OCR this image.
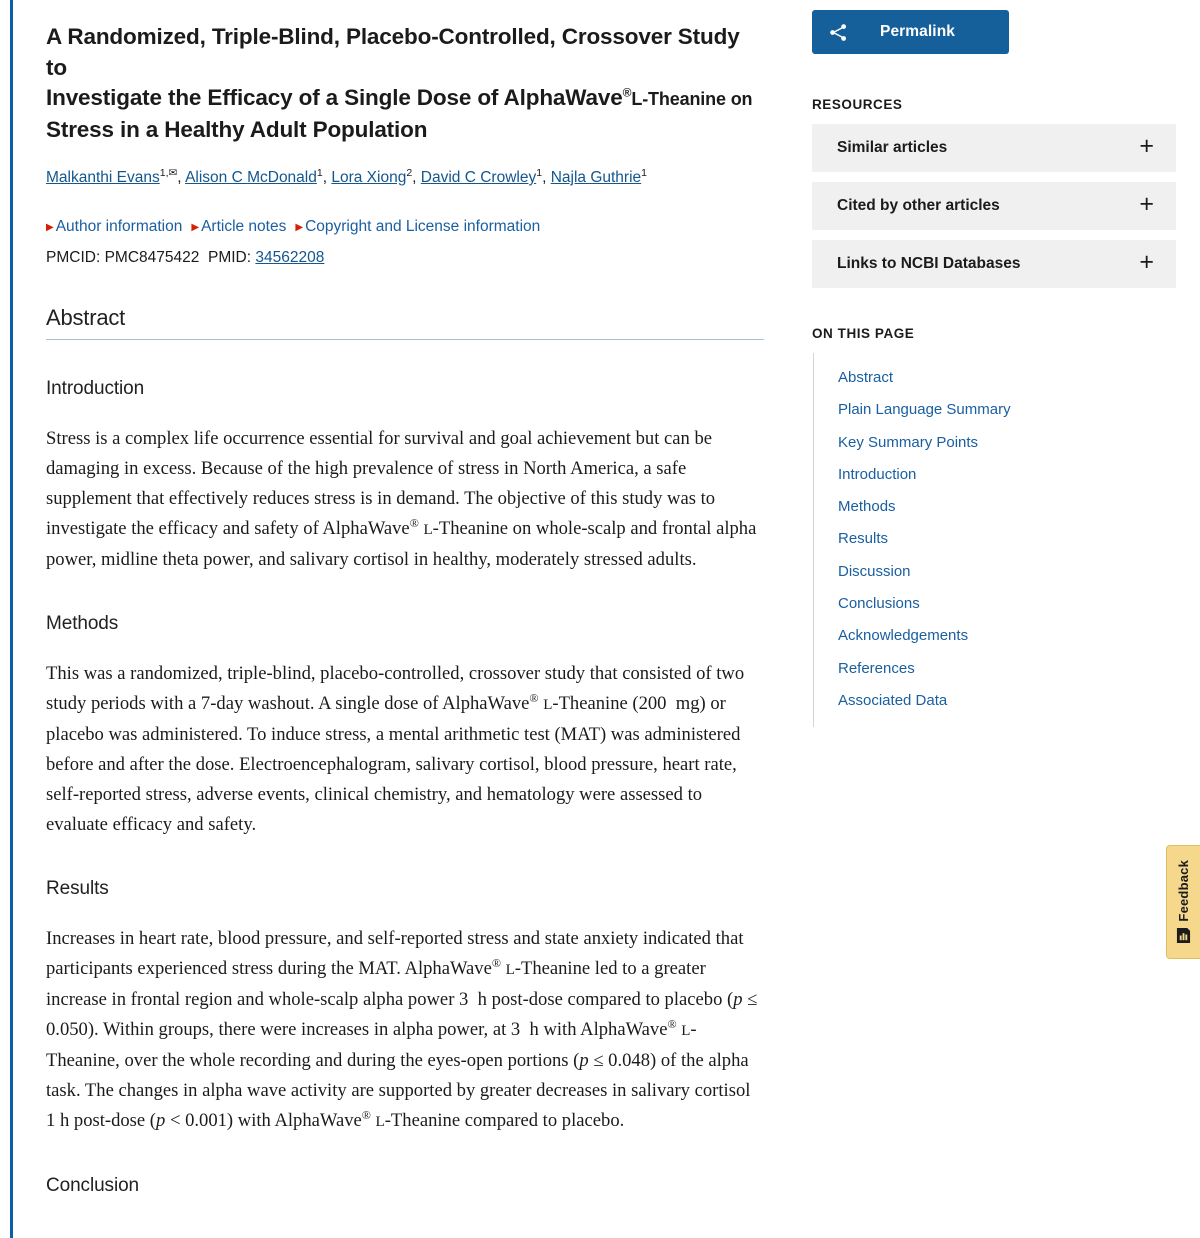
A Randomized, Triple-Blind, Placebo-Controlled, Crossover Study to
Investigate the Efficacy of a Single Dose of AlphaWave®L-Theanine on
Stress in a Healthy Adult Population
Malkanthi Evans$^{1,✉}$, Alison C McDonald$^1$, Lora Xiong$^2$, David C Crowley$^1$, Najla Guthrie$^1$
▶ Author information ▶ Article notes ▶ Copyright and License information
PMCID: PMC8475422 PMID: 34562208
Abstract
Introduction

Stress is a complex life occurrence essential for survival and goal achievement but can be damaging in excess. Because of the high prevalence of stress in North America, a safe supplement that effectively reduces stress is in demand. The objective of this study was to investigate the efficacy and safety of AlphaWave® L-Theanine on whole-scalp and frontal alpha power, midline theta power, and salivary cortisol in healthy, moderately stressed adults.

Methods

This was a randomized, triple-blind, placebo-controlled, crossover study that consisted of two study periods with a 7-day washout. A single dose of AlphaWave® L-Theanine (200  mg) or placebo was administered. To induce stress, a mental arithmetic test (MAT) was administered before and after the dose. Electroencephalogram, salivary cortisol, blood pressure, heart rate, self-reported stress, adverse events, clinical chemistry, and hematology were assessed to evaluate efficacy and safety.

Results

Increases in heart rate, blood pressure, and self-reported stress and state anxiety indicated that participants experienced stress during the MAT. AlphaWave® L-Theanine led to a greater increase in frontal region and whole-scalp alpha power 3  h post-dose compared to placebo (p ≤ 0.050). Within groups, there were increases in alpha power, at 3  h with AlphaWave® L-Theanine, over the whole recording and during the eyes-open portions (p ≤ 0.048) of the alpha task. The changes in alpha wave activity are supported by greater decreases in salivary cortisol 1 h post-dose (p < 0.001) with AlphaWave® L-Theanine compared to placebo.

Conclusion
Permalink
RESOURCES
Similar articles	+
Cited by other articles	+
Links to NCBI Databases	+
ON THIS PAGE
Abstract
Plain Language Summary
Key Summary Points
Introduction
Methods
Results
Discussion
Conclusions
Acknowledgements
References
Associated Data
Feedback
